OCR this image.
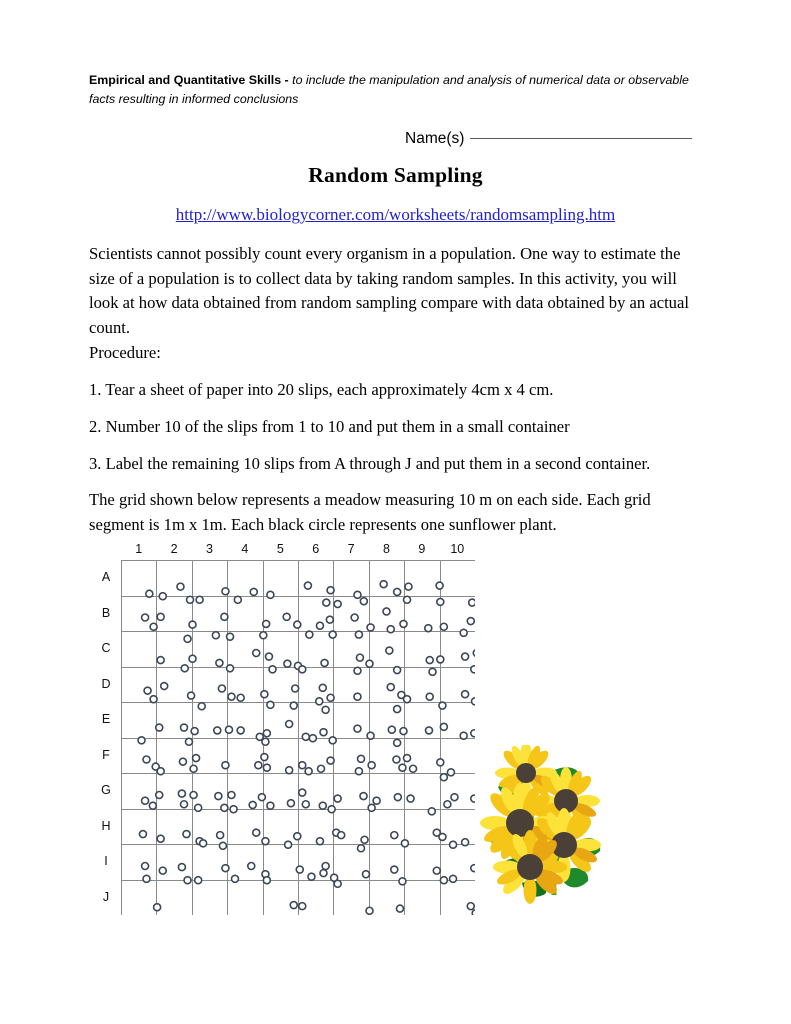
Empirical and Quantitative Skills - to include the manipulation and analysis of numerical data or observable facts resulting in informed conclusions
Name(s)
Random Sampling
http://www.biologycorner.com/worksheets/randomsampling.htm
Scientists cannot possibly count every organism in a population. One way to estimate the size of a population is to collect data by taking random samples. In this activity, you will look at how data obtained from random sampling compare with data obtained by an actual count.
Procedure:
1. Tear a sheet of paper into 20 slips, each approximately 4cm x 4 cm.
2. Number 10 of the slips from 1 to 10 and put them in a small container
3. Label the remaining 10 slips from A through J and put them in a second container.
The grid shown below represents a meadow measuring 10 m on each side. Each grid segment is 1m x 1m. Each black circle represents one sunflower plant.
1	2	3	4	5	6	7	8	9	10
A
B
C
D
E
F
G
H
I
J
